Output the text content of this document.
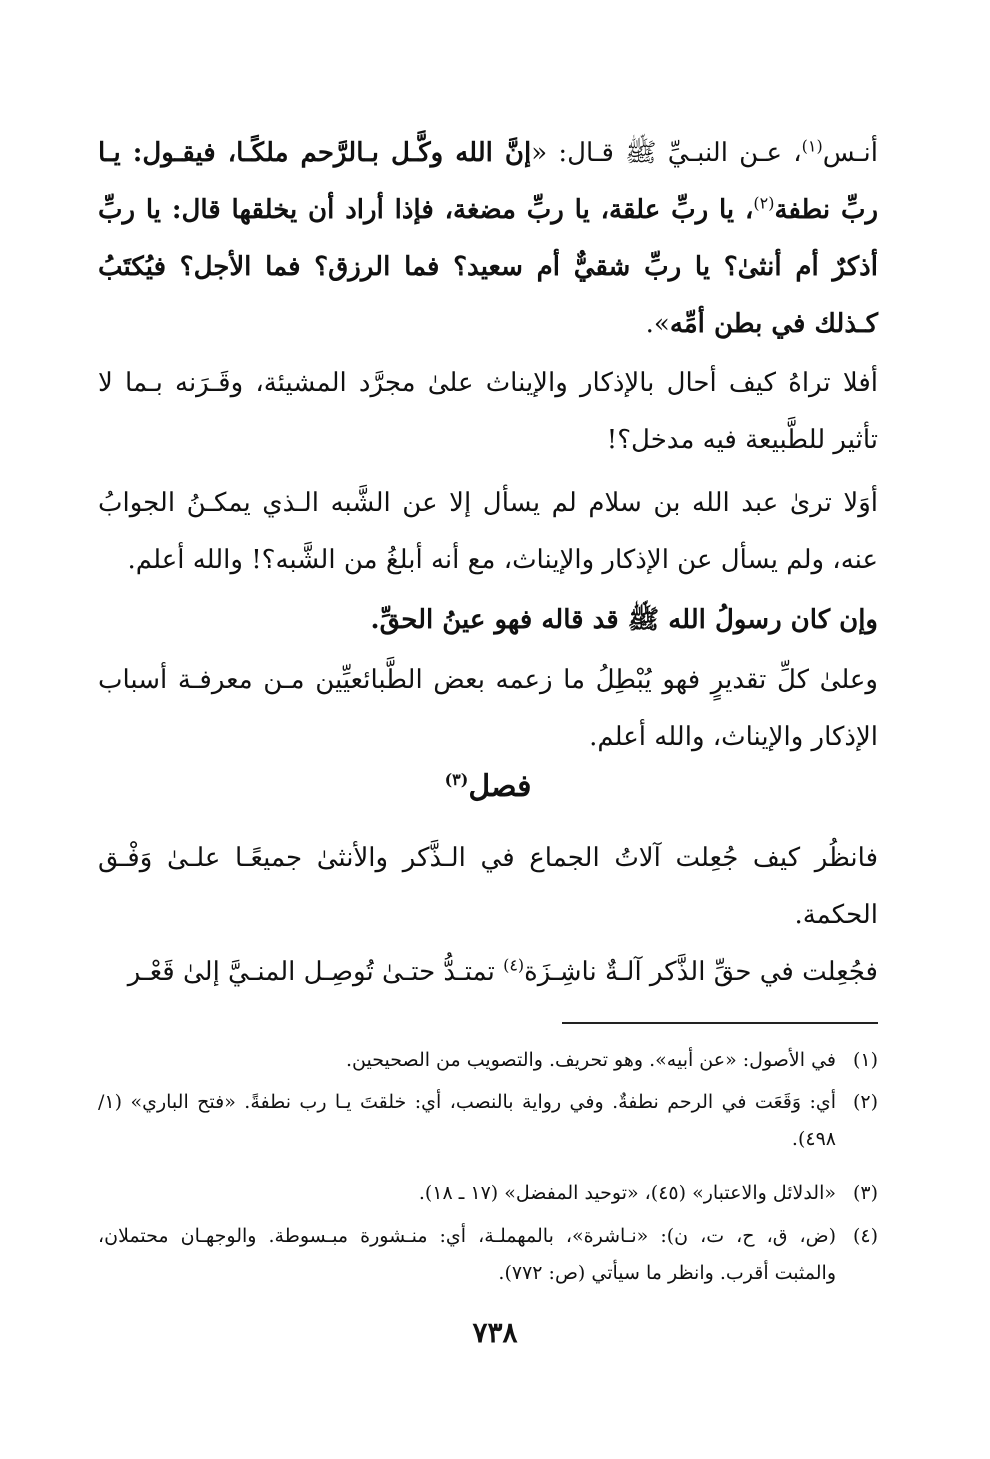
أنـس$^{(١)}$، عـن النبـيِّ ﷺ قـال: «إنَّ الله وكَّـل بـالرَّحم ملكًـا، فيقـول: يـا ربِّ نطفة$^{(٢)}$، يا ربِّ علقة، يا ربِّ مضغة، فإذا أراد أن يخلقها قال: يا ربِّ أذكرٌ أم أنثىٰ؟ يا ربِّ شقيٌّ أم سعيد؟ فما الرزق؟ فما الأجل؟ فيُكتَبُ كـذلك في بطن أمِّه».

أفلا تراهُ كيف أحال بالإذكار والإيناث علىٰ مجرَّد المشيئة، وقَـرَنه بـما لا تأثير للطَّبيعة فيه مدخل؟!

أوَلا ترىٰ عبد الله بن سلام لم يسأل إلا عن الشَّبه الـذي يمكـنُ الجوابُ عنه، ولم يسأل عن الإذكار والإيناث، مع أنه أبلغُ من الشَّبه؟! والله أعلم.

وإن كان رسولُ الله ﷺ قد قاله فهو عينُ الحقِّ.

وعلىٰ كلِّ تقديرٍ فهو يُبْطِلُ ما زعمه بعض الطَّبائعيِّين مـن معرفـة أسباب الإذكار والإيناث، والله أعلم.

فصل$^{(٣)}$

فانظُر كيف جُعِلت آلاتُ الجماع في الـذَّكر والأنثىٰ جميعًـا علـىٰ وَفْـق الحكمة.

فجُعِلت في حقِّ الذَّكر آلـةٌ ناشِـزَة$^{(٤)}$ تمتـدُّ حتـىٰ تُوصِـل المنـيَّ إلىٰ قَعْـر

(١)
في الأصول: «عن أبيه». وهو تحريف. والتصويب من الصحيحين.
(٢)
أي: وَقَعَت في الرحم نطفةٌ. وفي رواية بالنصب، أي: خلقتَ يـا رب نطفةً. «فتح الباري» (١/ ٤٩٨).
(٣)
«الدلائل والاعتبار» (٤٥)، «توحيد المفضل» (١٧ ـ ١٨).
(٤)
(ض، ق، ح، ت، ن): «نـاشرة»، بالمهملـة، أي: منـشورة مبـسوطة. والوجهـان محتملان، والمثبت أقرب. وانظر ما سيأتي (ص: ٧٧٢).
٧٣٨
